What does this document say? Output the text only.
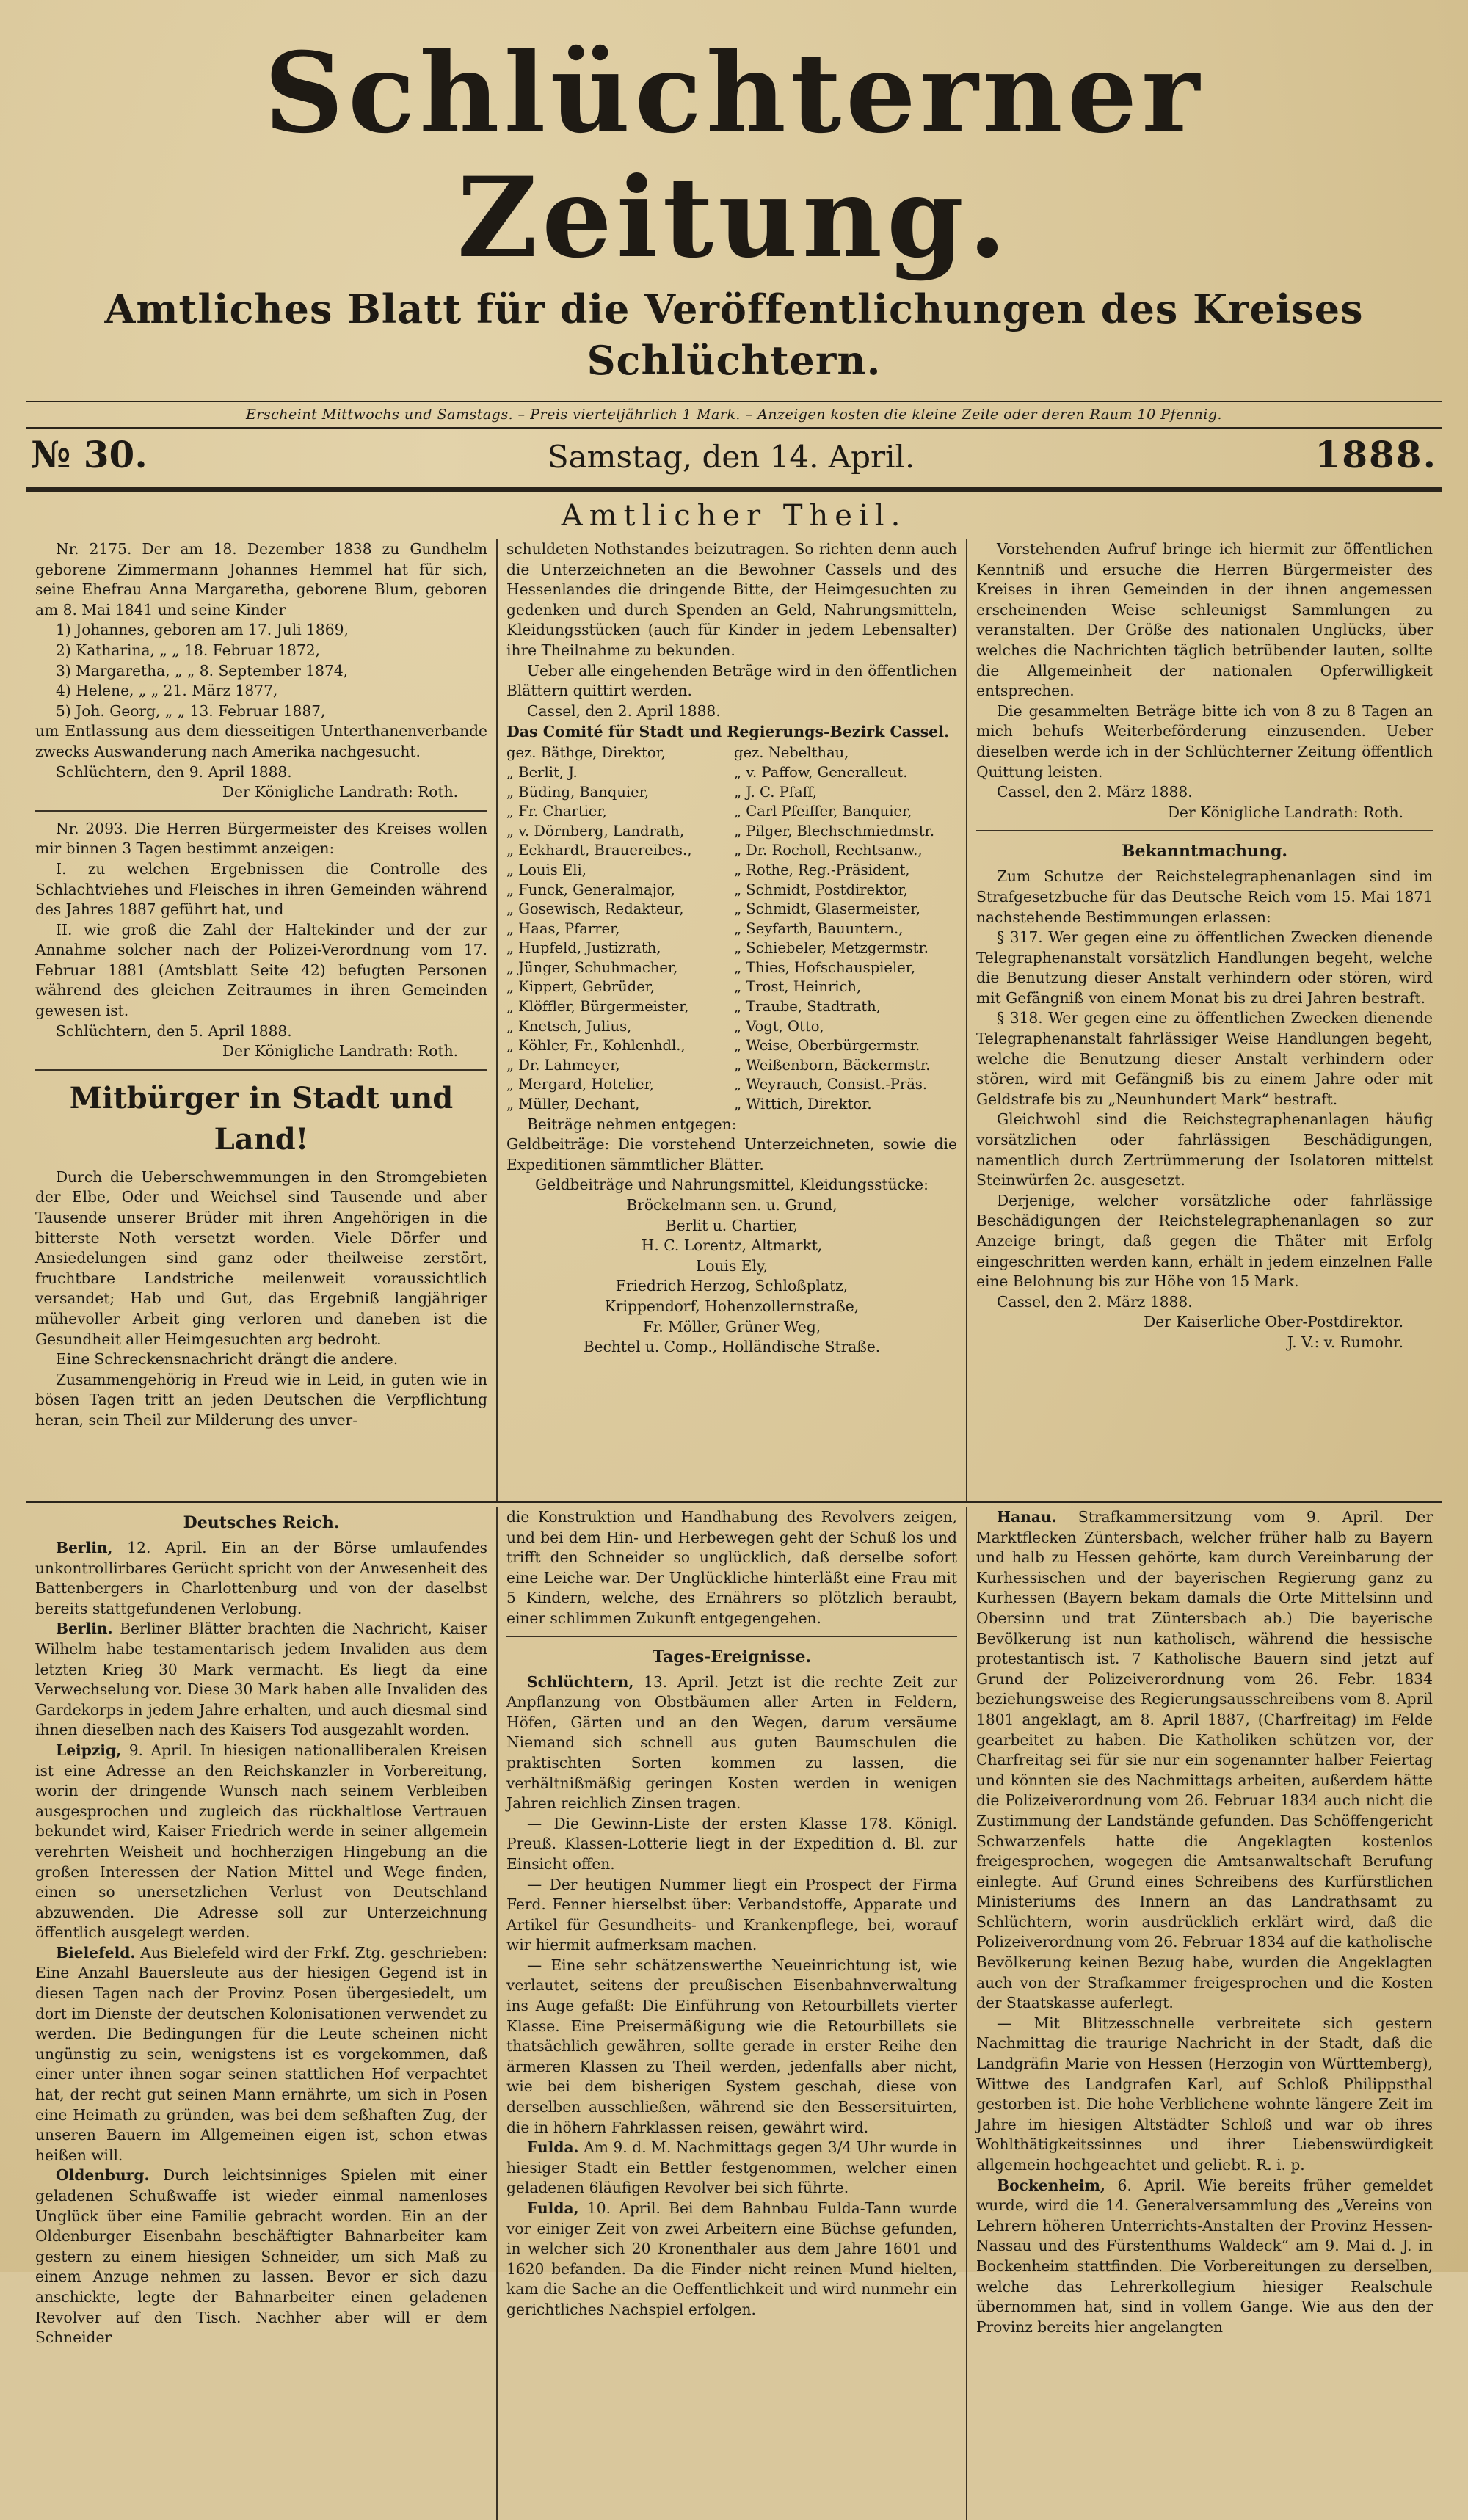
Schlüchterner Zeitung.
Amtliches Blatt für die Veröffentlichungen des Kreises Schlüchtern.
Erscheint Mittwochs und Samstags. – Preis vierteljährlich 1 Mark. – Anzeigen kosten die kleine Zeile oder deren Raum 10 Pfennig.
№ 30.	Samstag, den 14. April.	1888.
Amtlicher Theil.

Nr. 2175. Der am 18. Dezember 1838 zu Gundhelm geborene Zimmermann Johannes Hemmel hat für sich, seine Ehefrau Anna Margaretha, geborene Blum, geboren am 8. Mai 1841 und seine Kinder

1) Johannes, geboren am 17. Juli 1869,
2) Katharina, „ „ 18. Februar 1872,
3) Margaretha, „ „ 8. September 1874,
4) Helene, „ „ 21. März 1877,
5) Joh. Georg, „ „ 13. Februar 1887,

um Entlassung aus dem diesseitigen Unterthanenverbande zwecks Auswanderung nach Amerika nachgesucht.

Schlüchtern, den 9. April 1888.

Der Königliche Landrath: Roth.

Nr. 2093. Die Herren Bürgermeister des Kreises wollen mir binnen 3 Tagen bestimmt anzeigen:

I. zu welchen Ergebnissen die Controlle des Schlachtviehes und Fleisches in ihren Gemeinden während des Jahres 1887 geführt hat, und

II. wie groß die Zahl der Haltekinder und der zur Annahme solcher nach der Polizei-Verordnung vom 17. Februar 1881 (Amtsblatt Seite 42) befugten Personen während des gleichen Zeitraumes in ihren Gemeinden gewesen ist.

Schlüchtern, den 5. April 1888.

Der Königliche Landrath: Roth.

Mitbürger in Stadt und Land!

Durch die Ueberschwemmungen in den Stromgebieten der Elbe, Oder und Weichsel sind Tausende und aber Tausende unserer Brüder mit ihren Angehörigen in die bitterste Noth versetzt worden. Viele Dörfer und Ansiedelungen sind ganz oder theilweise zerstört, fruchtbare Landstriche meilenweit voraussichtlich versandet; Hab und Gut, das Ergebniß langjähriger mühevoller Arbeit ging verloren und daneben ist die Gesundheit aller Heimgesuchten arg bedroht.

Eine Schreckensnachricht drängt die andere.

Zusammengehörig in Freud wie in Leid, in guten wie in bösen Tagen tritt an jeden Deutschen die Verpflichtung heran, sein Theil zur Milderung des unver-

schuldeten Nothstandes beizutragen. So richten denn auch die Unterzeichneten an die Bewohner Cassels und des Hessenlandes die dringende Bitte, der Heimgesuchten zu gedenken und durch Spenden an Geld, Nahrungsmitteln, Kleidungsstücken (auch für Kinder in jedem Lebensalter) ihre Theilnahme zu bekunden.

Ueber alle eingehenden Beträge wird in den öffentlichen Blättern quittirt werden.

Cassel, den 2. April 1888.

Das Comité für Stadt und Regierungs-Bezirk Cassel.
gez. Bäthge, Direktor,	gez. Nebelthau,
„ Berlit, J.	„ v. Paffow, Generalleut.
„ Büding, Banquier,	„ J. C. Pfaff,
„ Fr. Chartier,	„ Carl Pfeiffer, Banquier,
„ v. Dörnberg, Landrath,	„ Pilger, Blechschmiedmstr.
„ Eckhardt, Brauereibes.,	„ Dr. Rocholl, Rechtsanw.,
„ Louis Eli,	„ Rothe, Reg.-Präsident,
„ Funck, Generalmajor,	„ Schmidt, Postdirektor,
„ Gosewisch, Redakteur,	„ Schmidt, Glasermeister,
„ Haas, Pfarrer,	„ Seyfarth, Bauuntern.,
„ Hupfeld, Justizrath,	„ Schiebeler, Metzgermstr.
„ Jünger, Schuhmacher,	„ Thies, Hofschauspieler,
„ Kippert, Gebrüder,	„ Trost, Heinrich,
„ Klöffler, Bürgermeister,	„ Traube, Stadtrath,
„ Knetsch, Julius,	„ Vogt, Otto,
„ Köhler, Fr., Kohlenhdl.,	„ Weise, Oberbürgermstr.
„ Dr. Lahmeyer,	„ Weißenborn, Bäckermstr.
„ Mergard, Hotelier,	„ Weyrauch, Consist.-Präs.
„ Müller, Dechant,	„ Wittich, Direktor.

Beiträge nehmen entgegen:

Geldbeiträge: Die vorstehend Unterzeichneten, sowie die Expeditionen sämmtlicher Blätter.

Geldbeiträge und Nahrungsmittel, Kleidungsstücke:

Bröckelmann sen. u. Grund,

Berlit u. Chartier,

H. C. Lorentz, Altmarkt,

Louis Ely,

Friedrich Herzog, Schloßplatz,

Krippendorf, Hohenzollernstraße,

Fr. Möller, Grüner Weg,

Bechtel u. Comp., Holländische Straße.

Vorstehenden Aufruf bringe ich hiermit zur öffentlichen Kenntniß und ersuche die Herren Bürgermeister des Kreises in ihren Gemeinden in der ihnen angemessen erscheinenden Weise schleunigst Sammlungen zu veranstalten. Der Größe des nationalen Unglücks, über welches die Nachrichten täglich betrübender lauten, sollte die Allgemeinheit der nationalen Opferwilligkeit entsprechen.

Die gesammelten Beträge bitte ich von 8 zu 8 Tagen an mich behufs Weiterbeförderung einzusenden. Ueber dieselben werde ich in der Schlüchterner Zeitung öffentlich Quittung leisten.

Cassel, den 2. März 1888.

Der Königliche Landrath: Roth.

Bekanntmachung.

Zum Schutze der Reichstelegraphenanlagen sind im Strafgesetzbuche für das Deutsche Reich vom 15. Mai 1871 nachstehende Bestimmungen erlassen:

§ 317. Wer gegen eine zu öffentlichen Zwecken dienende Telegraphenanstalt vorsätzlich Handlungen begeht, welche die Benutzung dieser Anstalt verhindern oder stören, wird mit Gefängniß von einem Monat bis zu drei Jahren bestraft.

§ 318. Wer gegen eine zu öffentlichen Zwecken dienende Telegraphenanstalt fahrlässiger Weise Handlungen begeht, welche die Benutzung dieser Anstalt verhindern oder stören, wird mit Gefängniß bis zu einem Jahre oder mit Geldstrafe bis zu „Neunhundert Mark“ bestraft.

Gleichwohl sind die Reichstegraphenanlagen häufig vorsätzlichen oder fahrlässigen Beschädigungen, namentlich durch Zertrümmerung der Isolatoren mittelst Steinwürfen 2c. ausgesetzt.

Derjenige, welcher vorsätzliche oder fahrlässige Beschädigungen der Reichstelegraphenanlagen so zur Anzeige bringt, daß gegen die Thäter mit Erfolg eingeschritten werden kann, erhält in jedem einzelnen Falle eine Belohnung bis zur Höhe von 15 Mark.

Cassel, den 2. März 1888.

Der Kaiserliche Ober-Postdirektor.

J. V.: v. Rumohr.

Deutsches Reich.

Berlin, 12. April. Ein an der Börse umlaufendes unkontrollirbares Gerücht spricht von der Anwesenheit des Battenbergers in Charlottenburg und von der daselbst bereits stattgefundenen Verlobung.

Berlin. Berliner Blätter brachten die Nachricht, Kaiser Wilhelm habe testamentarisch jedem Invaliden aus dem letzten Krieg 30 Mark vermacht. Es liegt da eine Verwechselung vor. Diese 30 Mark haben alle Invaliden des Gardekorps in jedem Jahre erhalten, und auch diesmal sind ihnen dieselben nach des Kaisers Tod ausgezahlt worden.

Leipzig, 9. April. In hiesigen nationalliberalen Kreisen ist eine Adresse an den Reichskanzler in Vorbereitung, worin der dringende Wunsch nach seinem Verbleiben ausgesprochen und zugleich das rückhaltlose Vertrauen bekundet wird, Kaiser Friedrich werde in seiner allgemein verehrten Weisheit und hochherzigen Hingebung an die großen Interessen der Nation Mittel und Wege finden, einen so unersetzlichen Verlust von Deutschland abzuwenden. Die Adresse soll zur Unterzeichnung öffentlich ausgelegt werden.

Bielefeld. Aus Bielefeld wird der Frkf. Ztg. geschrieben: Eine Anzahl Bauersleute aus der hiesigen Gegend ist in diesen Tagen nach der Provinz Posen übergesiedelt, um dort im Dienste der deutschen Kolonisationen verwendet zu werden. Die Bedingungen für die Leute scheinen nicht ungünstig zu sein, wenigstens ist es vorgekommen, daß einer unter ihnen sogar seinen stattlichen Hof verpachtet hat, der recht gut seinen Mann ernährte, um sich in Posen eine Heimath zu gründen, was bei dem seßhaften Zug, der unseren Bauern im Allgemeinen eigen ist, schon etwas heißen will.

Oldenburg. Durch leichtsinniges Spielen mit einer geladenen Schußwaffe ist wieder einmal namenloses Unglück über eine Familie gebracht worden. Ein an der Oldenburger Eisenbahn beschäftigter Bahnarbeiter kam gestern zu einem hiesigen Schneider, um sich Maß zu einem Anzuge nehmen zu lassen. Bevor er sich dazu anschickte, legte der Bahnarbeiter einen geladenen Revolver auf den Tisch. Nachher aber will er dem Schneider

die Konstruktion und Handhabung des Revolvers zeigen, und bei dem Hin- und Herbewegen geht der Schuß los und trifft den Schneider so unglücklich, daß derselbe sofort eine Leiche war. Der Unglückliche hinterläßt eine Frau mit 5 Kindern, welche, des Ernährers so plötzlich beraubt, einer schlimmen Zukunft entgegengehen.

Tages-Ereignisse.

Schlüchtern, 13. April. Jetzt ist die rechte Zeit zur Anpflanzung von Obstbäumen aller Arten in Feldern, Höfen, Gärten und an den Wegen, darum versäume Niemand sich schnell aus guten Baumschulen die praktischten Sorten kommen zu lassen, die verhältnißmäßig geringen Kosten werden in wenigen Jahren reichlich Zinsen tragen.

— Die Gewinn-Liste der ersten Klasse 178. Königl. Preuß. Klassen-Lotterie liegt in der Expedition d. Bl. zur Einsicht offen.

— Der heutigen Nummer liegt ein Prospect der Firma Ferd. Fenner hierselbst über: Verbandstoffe, Apparate und Artikel für Gesundheits- und Krankenpflege, bei, worauf wir hiermit aufmerksam machen.

— Eine sehr schätzenswerthe Neueinrichtung ist, wie verlautet, seitens der preußischen Eisenbahnverwaltung ins Auge gefaßt: Die Einführung von Retourbillets vierter Klasse. Eine Preisermäßigung wie die Retourbillets sie thatsächlich gewähren, sollte gerade in erster Reihe den ärmeren Klassen zu Theil werden, jedenfalls aber nicht, wie bei dem bisherigen System geschah, diese von derselben ausschließen, während sie den Bessersituirten, die in höhern Fahrklassen reisen, gewährt wird.

Fulda. Am 9. d. M. Nachmittags gegen 3/4 Uhr wurde in hiesiger Stadt ein Bettler festgenommen, welcher einen geladenen 6läufigen Revolver bei sich führte.

Fulda, 10. April. Bei dem Bahnbau Fulda-Tann wurde vor einiger Zeit von zwei Arbeitern eine Büchse gefunden, in welcher sich 20 Kronenthaler aus dem Jahre 1601 und 1620 befanden. Da die Finder nicht reinen Mund hielten, kam die Sache an die Oeffentlichkeit und wird nunmehr ein gerichtliches Nachspiel erfolgen.

Hanau. Strafkammersitzung vom 9. April. Der Marktflecken Züntersbach, welcher früher halb zu Bayern und halb zu Hessen gehörte, kam durch Vereinbarung der Kurhessischen und der bayerischen Regierung ganz zu Kurhessen (Bayern bekam damals die Orte Mittelsinn und Obersinn und trat Züntersbach ab.) Die bayerische Bevölkerung ist nun katholisch, während die hessische protestantisch ist. 7 Katholische Bauern sind jetzt auf Grund der Polizeiverordnung vom 26. Febr. 1834 beziehungsweise des Regierungsausschreibens vom 8. April 1801 angeklagt, am 8. April 1887, (Charfreitag) im Felde gearbeitet zu haben. Die Katholiken schützen vor, der Charfreitag sei für sie nur ein sogenannter halber Feiertag und könnten sie des Nachmittags arbeiten, außerdem hätte die Polizeiverordnung vom 26. Februar 1834 auch nicht die Zustimmung der Landstände gefunden. Das Schöffengericht Schwarzenfels hatte die Angeklagten kostenlos freigesprochen, wogegen die Amtsanwaltschaft Berufung einlegte. Auf Grund eines Schreibens des Kurfürstlichen Ministeriums des Innern an das Landrathsamt zu Schlüchtern, worin ausdrücklich erklärt wird, daß die Polizeiverordnung vom 26. Februar 1834 auf die katholische Bevölkerung keinen Bezug habe, wurden die Angeklagten auch von der Strafkammer freigesprochen und die Kosten der Staatskasse auferlegt.

— Mit Blitzesschnelle verbreitete sich gestern Nachmittag die traurige Nachricht in der Stadt, daß die Landgräfin Marie von Hessen (Herzogin von Württemberg), Wittwe des Landgrafen Karl, auf Schloß Philippsthal gestorben ist. Die hohe Verblichene wohnte längere Zeit im Jahre im hiesigen Altstädter Schloß und war ob ihres Wohlthätigkeitssinnes und ihrer Liebenswürdigkeit allgemein hochgeachtet und geliebt. R. i. p.

Bockenheim, 6. April. Wie bereits früher gemeldet wurde, wird die 14. Generalversammlung des „Vereins von Lehrern höheren Unterrichts-Anstalten der Provinz Hessen-Nassau und des Fürstenthums Waldeck“ am 9. Mai d. J. in Bockenheim stattfinden. Die Vorbereitungen zu derselben, welche das Lehrerkollegium hiesiger Realschule übernommen hat, sind in vollem Gange. Wie aus den der Provinz bereits hier angelangten
